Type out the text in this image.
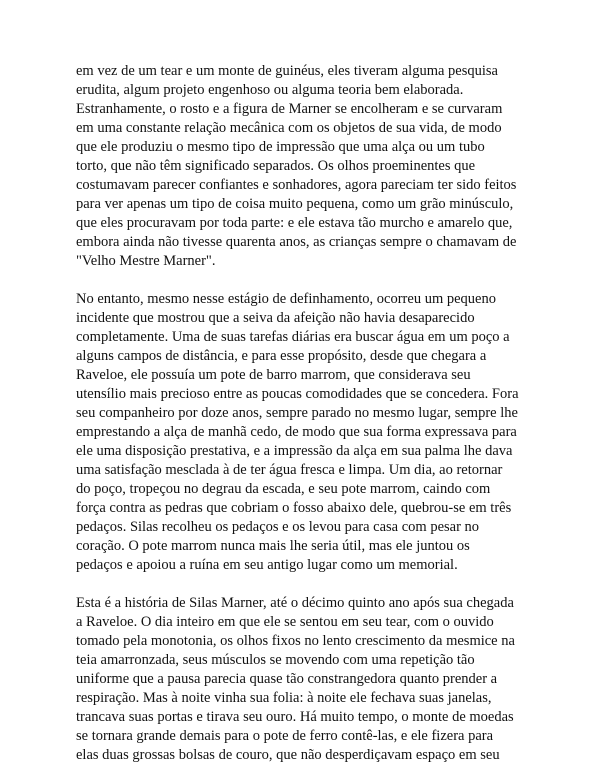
em vez de um tear e um monte de guinéus, eles tiveram alguma pesquisa
erudita, algum projeto engenhoso ou alguma teoria bem elaborada.
Estranhamente, o rosto e a figura de Marner se encolheram e se curvaram
em uma constante relação mecânica com os objetos de sua vida, de modo
que ele produziu o mesmo tipo de impressão que uma alça ou um tubo
torto, que não têm significado separados. Os olhos proeminentes que
costumavam parecer confiantes e sonhadores, agora pareciam ter sido feitos
para ver apenas um tipo de coisa muito pequena, como um grão minúsculo,
que eles procuravam por toda parte: e ele estava tão murcho e amarelo que,
embora ainda não tivesse quarenta anos, as crianças sempre o chamavam de
"Velho Mestre Marner".

No entanto, mesmo nesse estágio de definhamento, ocorreu um pequeno
incidente que mostrou que a seiva da afeição não havia desaparecido
completamente. Uma de suas tarefas diárias era buscar água em um poço a
alguns campos de distância, e para esse propósito, desde que chegara a
Raveloe, ele possuía um pote de barro marrom, que considerava seu
utensílio mais precioso entre as poucas comodidades que se concedera. Fora
seu companheiro por doze anos, sempre parado no mesmo lugar, sempre lhe
emprestando a alça de manhã cedo, de modo que sua forma expressava para
ele uma disposição prestativa, e a impressão da alça em sua palma lhe dava
uma satisfação mesclada à de ter água fresca e limpa. Um dia, ao retornar
do poço, tropeçou no degrau da escada, e seu pote marrom, caindo com
força contra as pedras que cobriam o fosso abaixo dele, quebrou-se em três
pedaços. Silas recolheu os pedaços e os levou para casa com pesar no
coração. O pote marrom nunca mais lhe seria útil, mas ele juntou os
pedaços e apoiou a ruína em seu antigo lugar como um memorial.

Esta é a história de Silas Marner, até o décimo quinto ano após sua chegada
a Raveloe. O dia inteiro em que ele se sentou em seu tear, com o ouvido
tomado pela monotonia, os olhos fixos no lento crescimento da mesmice na
teia amarronzada, seus músculos se movendo com uma repetição tão
uniforme que a pausa parecia quase tão constrangedora quanto prender a
respiração. Mas à noite vinha sua folia: à noite ele fechava suas janelas,
trancava suas portas e tirava seu ouro. Há muito tempo, o monte de moedas
se tornara grande demais para o pote de ferro contê-las, e ele fizera para
elas duas grossas bolsas de couro, que não desperdiçavam espaço em seu
